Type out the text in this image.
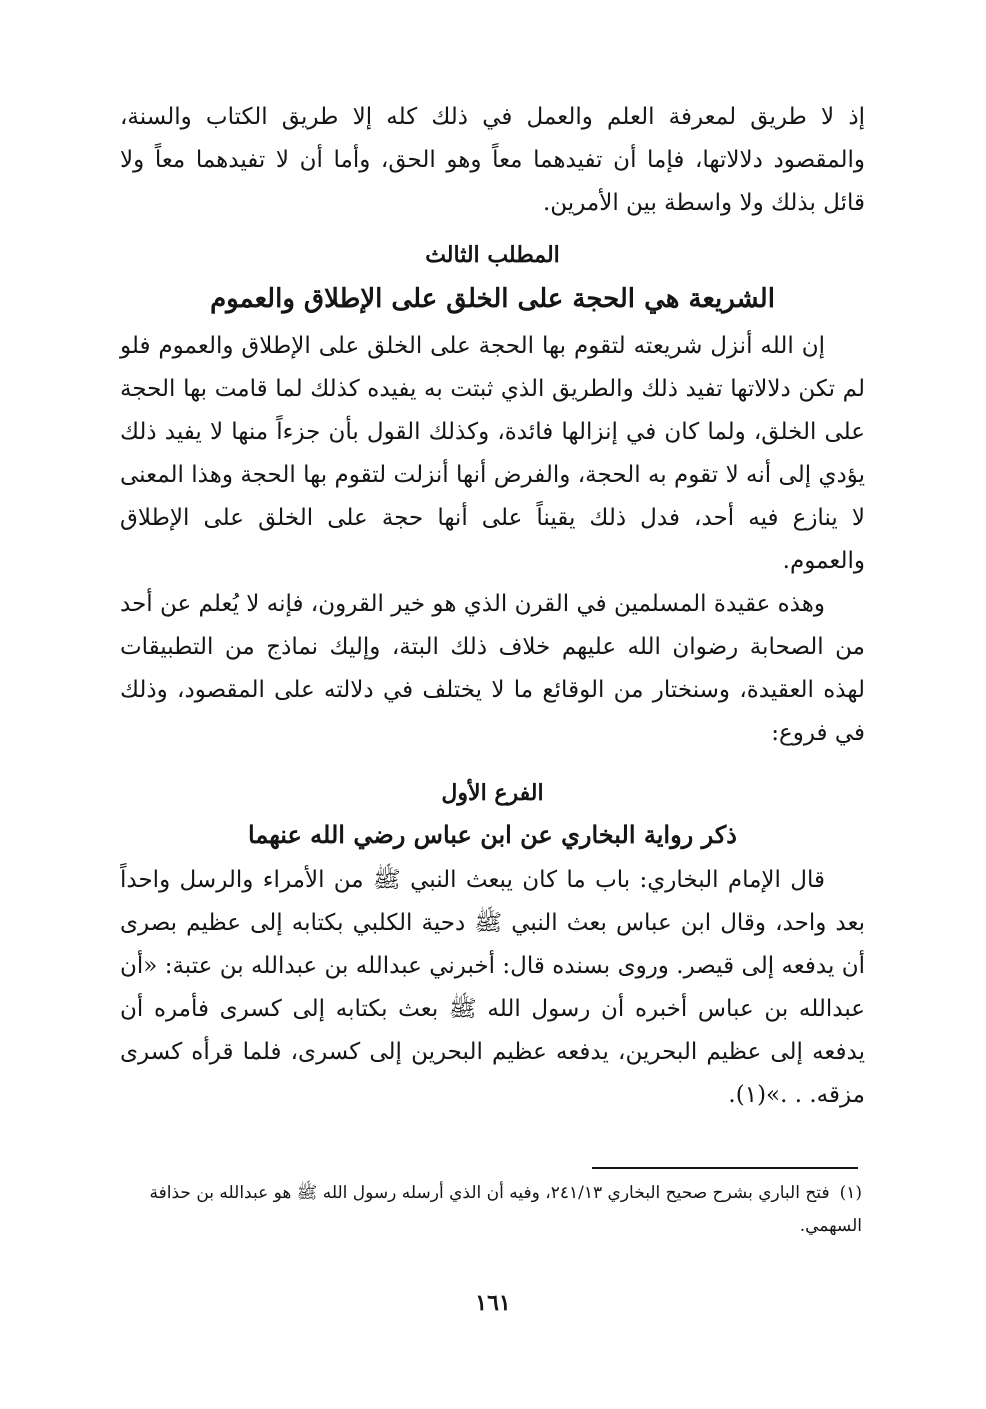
إذ لا طريق لمعرفة العلم والعمل في ذلك كله إلا طريق الكتاب والسنة، والمقصود دلالاتها، فإما أن تفيدهما معاً وهو الحق، وأما أن لا تفيدهما معاً ولا قائل بذلك ولا واسطة بين الأمرين.

المطلب الثالث
الشريعة هي الحجة على الخلق على الإطلاق والعموم

إن الله أنزل شريعته لتقوم بها الحجة على الخلق على الإطلاق والعموم فلو لم تكن دلالاتها تفيد ذلك والطريق الذي ثبتت به يفيده كذلك لما قامت بها الحجة على الخلق، ولما كان في إنزالها فائدة، وكذلك القول بأن جزءاً منها لا يفيد ذلك يؤدي إلى أنه لا تقوم به الحجة، والفرض أنها أنزلت لتقوم بها الحجة وهذا المعنى لا ينازع فيه أحد، فدل ذلك يقيناً على أنها حجة على الخلق على الإطلاق والعموم.

وهذه عقيدة المسلمين في القرن الذي هو خير القرون، فإنه لا يُعلم عن أحد من الصحابة رضوان الله عليهم خلاف ذلك البتة، وإليك نماذج من التطبيقات لهذه العقيدة، وسنختار من الوقائع ما لا يختلف في دلالته على المقصود، وذلك في فروع:

الفرع الأول
ذكر رواية البخاري عن ابن عباس رضي الله عنهما

قال الإمام البخاري: باب ما كان يبعث النبي ﷺ من الأمراء والرسل واحداً بعد واحد، وقال ابن عباس بعث النبي ﷺ دحية الكلبي بكتابه إلى عظيم بصرى أن يدفعه إلى قيصر. وروى بسنده قال: أخبرني عبدالله بن عبدالله بن عتبة: «أن عبدالله بن عباس أخبره أن رسول الله ﷺ بعث بكتابه إلى كسرى فأمره أن يدفعه إلى عظيم البحرين، يدفعه عظيم البحرين إلى كسرى، فلما قرأه كسرى مزقه. . .»(١).

(١)فتح الباري بشرح صحيح البخاري ٢٤١/١٣، وفيه أن الذي أرسله رسول الله ﷺ هو عبدالله بن حذافة السهمي.

١٦١
